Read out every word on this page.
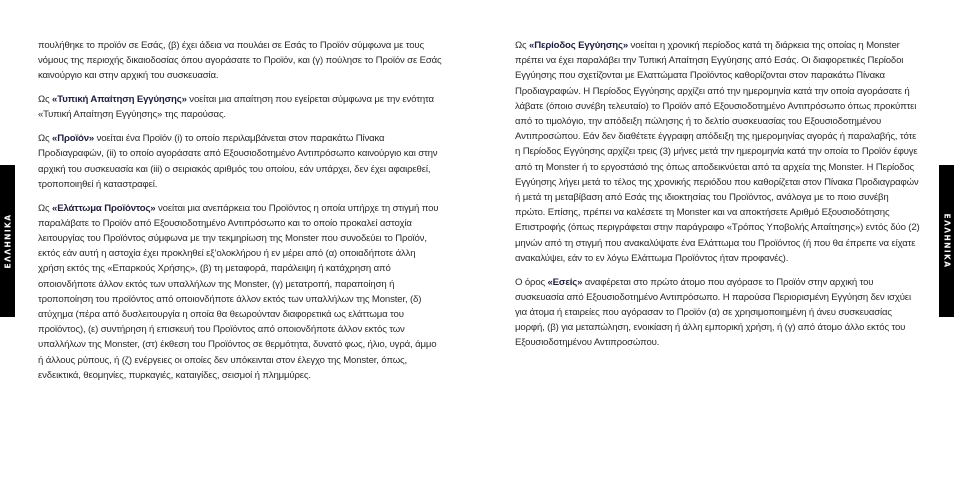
ΕΛΛΗΝΙΚΑ

πουλήθηκε το προϊόν σε Εσάς, (β) έχει άδεια να πουλάει σε Εσάς το Προϊόν σύμφωνα με τους νόμους της περιοχής δικαιοδοσίας όπου αγοράσατε το Προϊόν, και (γ) πούλησε το Προϊόν σε Εσάς καινούργιο και στην αρχική του συσκευασία.

Ως «Τυπική Απαίτηση Εγγύησης» νοείται μια απαίτηση που εγείρεται σύμφωνα με την ενότητα «Τυπική Απαίτηση Εγγύησης» της παρούσας.

Ως «Προϊόν» νοείται ένα Προϊόν (i) το οποίο περιλαμβάνεται στον παρακάτω Πίνακα Προδιαγραφών, (ii) το οποίο αγοράσατε από Εξουσιοδοτημένο Αντιπρόσωπο καινούργιο και στην αρχική του συσκευασία και (iii) ο σειριακός αριθμός του οποίου, εάν υπάρχει, δεν έχει αφαιρεθεί, τροποποιηθεί ή καταστραφεί.

Ως «Ελάττωμα Προϊόντος» νοείται μια ανεπάρκεια του Προϊόντος η οποία υπήρχε τη στιγμή που παραλάβατε το Προϊόν από Εξουσιοδοτημένο Αντιπρόσωπο και το οποίο προκαλεί αστοχία λειτουργίας του Προϊόντος σύμφωνα με την τεκμηρίωση της Monster που συνοδεύει το Προϊόν, εκτός εάν αυτή η αστοχία έχει προκληθεί εξ’ολοκλήρου ή εν μέρει από (α) οποιαδήποτε άλλη χρήση εκτός της «Επαρκούς Χρήσης», (β) τη μεταφορά, παράλειψη ή κατάχρηση από οποιονδήποτε άλλον εκτός των υπαλλήλων της Monster, (γ) μετατροπή, παραποίηση ή τροποποίηση του προϊόντος από οποιονδήποτε άλλον εκτός των υπαλλήλων της Monster, (δ) ατύχημα (πέρα από δυσλειτουργία η οποία θα θεωρούνταν διαφορετικά ως ελάττωμα του προϊόντος), (ε) συντήρηση ή επισκευή του Προϊόντος από οποιονδήποτε άλλον εκτός των υπαλλήλων της Monster, (στ) έκθεση του Προϊόντος σε θερμότητα, δυνατό φως, ήλιο, υγρά, άμμο ή άλλους ρύπους, ή (ζ) ενέργειες οι οποίες δεν υπόκεινται στον έλεγχο της Monster, όπως, ενδεικτικά, θεομηνίες, πυρκαγιές, καταιγίδες, σεισμοί ή πλημμύρες.

ΕΛΛΗΝΙΚΑ

Ως «Περίοδος Εγγύησης» νοείται η χρονική περίοδος κατά τη διάρκεια της οποίας η Monster πρέπει να έχει παραλάβει την Τυπική Απαίτηση Εγγύησης από Εσάς. Οι διαφορετικές Περίοδοι Εγγύησης που σχετίζονται με Ελαττώματα Προϊόντος καθορίζονται στον παρακάτω Πίνακα Προδιαγραφών. Η Περίοδος Εγγύησης αρχίζει από την ημερομηνία κατά την οποία αγοράσατε ή λάβατε (όποιο συνέβη τελευταίο) το Προϊόν από Εξουσιοδοτημένο Αντιπρόσωπο όπως προκύπτει από το τιμολόγιο, την απόδειξη πώλησης ή το δελτίο συσκευασίας του Εξουσιοδοτημένου Αντιπροσώπου. Εάν δεν διαθέτετε έγγραφη απόδειξη της ημερομηνίας αγοράς ή παραλαβής, τότε η Περίοδος Εγγύησης αρχίζει τρεις (3) μήνες μετά την ημερομηνία κατά την οποία το Προϊόν έφυγε από τη Monster ή το εργοστάσιό της όπως αποδεικνύεται από τα αρχεία της Monster. Η Περίοδος Εγγύησης λήγει μετά το τέλος της χρονικής περιόδου που καθορίζεται στον Πίνακα Προδιαγραφών ή μετά τη μεταβίβαση από Εσάς της ιδιοκτησίας του Προϊόντος, ανάλογα με το ποιο συνέβη πρώτο. Επίσης, πρέπει να καλέσετε τη Monster και να αποκτήσετε Αριθμό Εξουσιοδότησης Επιστροφής (όπως περιγράφεται στην παράγραφο «Τρόπος Υποβολής Απαίτησης») εντός δύο (2) μηνών από τη στιγμή που ανακαλύψατε ένα Ελάττωμα του Προϊόντος (ή που θα έπρεπε να είχατε ανακαλύψει, εάν το εν λόγω Ελάττωμα Προϊόντος ήταν προφανές).

Ο όρος «Εσείς» αναφέρεται στο πρώτο άτομο που αγόρασε το Προϊόν στην αρχική του συσκευασία από Εξουσιοδοτημένο Αντιπρόσωπο. Η παρούσα Περιορισμένη Εγγύηση δεν ισχύει για άτομα ή εταιρείες που αγόρασαν το Προϊόν (α) σε χρησιμοποιημένη ή άνευ συσκευασίας μορφή, (β) για μεταπώληση, ενοικίαση ή άλλη εμπορική χρήση, ή (γ) από άτομο άλλο εκτός του Εξουσιοδοτημένου Αντιπροσώπου.
